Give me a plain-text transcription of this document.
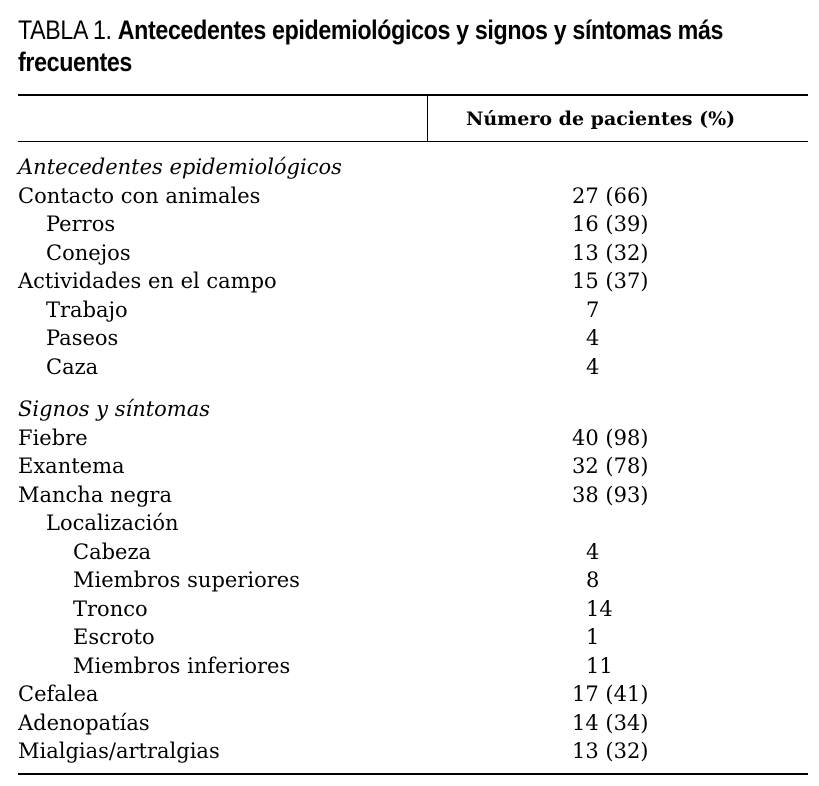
TABLA 1. Antecedentes epidemiológicos y signos y síntomas más frecuentes
Número de pacientes (%)
Antecedentes epidemiológicos
Contacto con animales	27 (66)
Perros	16 (39)
Conejos	13 (32)
Actividades en el campo	15 (37)
Trabajo	7
Paseos	4
Caza	4
Signos y síntomas
Fiebre	40 (98)
Exantema	32 (78)
Mancha negra	38 (93)
Localización
Cabeza	4
Miembros superiores	8
Tronco	14
Escroto	1
Miembros inferiores	11
Cefalea	17 (41)
Adenopatías	14 (34)
Mialgias/artralgias	13 (32)
